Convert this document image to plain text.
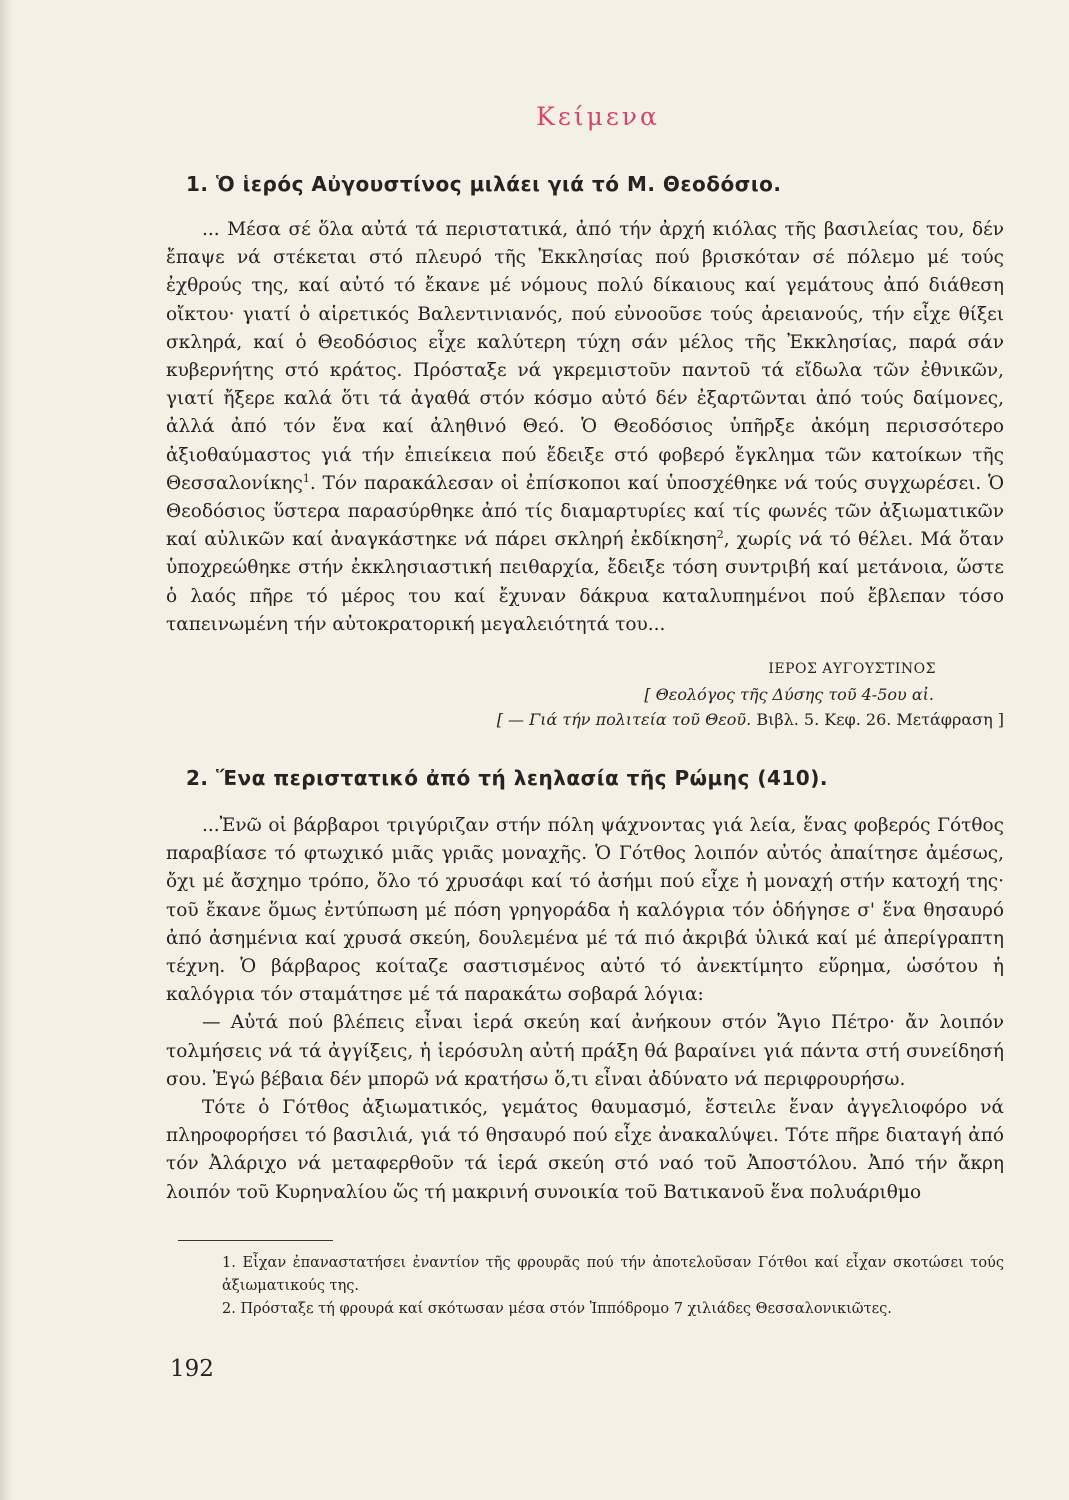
Κείμενα
1. Ὁ ἱερός Αὐγουστίνος μιλάει γιά τό Μ. Θεοδόσιο.

... Μέσα σέ ὅλα αὐτά τά περιστατικά, ἀπό τήν ἀρχή κιόλας τῆς βασιλείας του, δέν ἔπαψε νά στέκεται στό πλευρό τῆς Ἐκκλησίας πού βρισκόταν σέ πόλεμο μέ τούς ἐχθρούς της, καί αὐτό τό ἔκανε μέ νόμους πολύ δίκαιους καί γεμάτους ἀπό διάθεση οἴκτου· γιατί ὁ αἱρετικός Βαλεντινιανός, πού εὐνοοῦσε τούς ἀρειανούς, τήν εἶχε θίξει σκληρά, καί ὁ Θεοδόσιος εἶχε καλύτερη τύχη σάν μέλος τῆς Ἐκκλησίας, παρά σάν κυβερνήτης στό κράτος. Πρόσταξε νά γκρεμιστοῦν παντοῦ τά εἴδωλα τῶν ἐθνικῶν, γιατί ἤξερε καλά ὅτι τά ἀγαθά στόν κόσμο αὐτό δέν ἐξαρτῶνται ἀπό τούς δαίμονες, ἀλλά ἀπό τόν ἕνα καί ἀληθινό Θεό. Ὁ Θεοδόσιος ὑπῆρξε ἀκόμη περισσότερο ἀξιοθαύμαστος γιά τήν ἐπιείκεια πού ἔδειξε στό φοβερό ἔγκλημα τῶν κατοίκων τῆς Θεσσαλονίκης$^1$. Τόν παρακάλεσαν οἱ ἐπίσκοποι καί ὑποσχέθηκε νά τούς συγχωρέσει. Ὁ Θεοδόσιος ὕστερα παρασύρθηκε ἀπό τίς διαμαρτυρίες καί τίς φωνές τῶν ἀξιωματικῶν καί αὐλικῶν καί ἀναγκάστηκε νά πάρει σκληρή ἐκδίκηση$^2$, χωρίς νά τό θέλει. Μά ὅταν ὑποχρεώθηκε στήν ἐκκλησιαστική πειθαρχία, ἔδειξε τόση συντριβή καί μετάνοια, ὥστε ὁ λαός πῆρε τό μέρος του καί ἔχυναν δάκρυα καταλυπημένοι πού ἔβλεπαν τόσο ταπεινωμένη τήν αὐτοκρατορική μεγαλειότητά του...

ΙΕΡΟΣ ΑΥΓΟΥΣΤΙΝΟΣ
[ Θεολόγος τῆς Δύσης τοῦ 4-5ου αἰ.
[ — Γιά τήν πολιτεία τοῦ Θεοῦ. Βιβλ. 5. Κεφ. 26. Μετάφραση ]
2. Ἕνα περιστατικό ἀπό τή λεηλασία τῆς Ρώμης (410).

...Ἐνῶ οἱ βάρβαροι τριγύριζαν στήν πόλη ψάχνοντας γιά λεία, ἕνας φοβερός Γότθος παραβίασε τό φτωχικό μιᾶς γριᾶς μοναχῆς. Ὁ Γότθος λοιπόν αὐτός ἀπαίτησε ἀμέσως, ὄχι μέ ἄσχημο τρόπο, ὅλο τό χρυσάφι καί τό ἀσήμι πού εἶχε ἡ μοναχή στήν κατοχή της· τοῦ ἔκανε ὅμως ἐντύπωση μέ πόση γρηγοράδα ἡ καλόγρια τόν ὁδήγησε σ' ἕνα θησαυρό ἀπό ἀσημένια καί χρυσά σκεύη, δουλεμένα μέ τά πιό ἀκριβά ὑλικά καί μέ ἀπερίγραπτη τέχνη. Ὁ βάρβαρος κοίταζε σαστισμένος αὐτό τό ἀνεκτίμητο εὕρημα, ὡσότου ἡ καλόγρια τόν σταμάτησε μέ τά παρακάτω σοβαρά λόγια:

— Αὐτά πού βλέπεις εἶναι ἱερά σκεύη καί ἀνήκουν στόν Ἅγιο Πέτρο· ἄν λοιπόν τολμήσεις νά τά ἀγγίξεις, ἡ ἱερόσυλη αὐτή πράξη θά βαραίνει γιά πάντα στή συνείδησή σου. Ἐγώ βέβαια δέν μπορῶ νά κρατήσω ὅ,τι εἶναι ἀδύνατο νά περιφρουρήσω.

Τότε ὁ Γότθος ἀξιωματικός, γεμάτος θαυμασμό, ἔστειλε ἕναν ἀγγελιοφόρο νά πληροφορήσει τό βασιλιά, γιά τό θησαυρό πού εἶχε ἀνακαλύψει. Τότε πῆρε διαταγή ἀπό τόν Ἀλάριχο νά μεταφερθοῦν τά ἱερά σκεύη στό ναό τοῦ Ἀποστόλου. Ἀπό τήν ἄκρη λοιπόν τοῦ Κυρηναλίου ὥς τή μακρινή συνοικία τοῦ Βατικανοῦ ἕνα πολυάριθμο

1. Εἶχαν ἐπαναστατήσει ἐναντίον τῆς φρουρᾶς πού τήν ἀποτελοῦσαν Γότθοι καί εἶχαν σκοτώσει τούς ἀξιωματικούς της.

2. Πρόσταξε τή φρουρά καί σκότωσαν μέσα στόν Ἱππόδρομο 7 χιλιάδες Θεσσαλονικιῶτες.

192
